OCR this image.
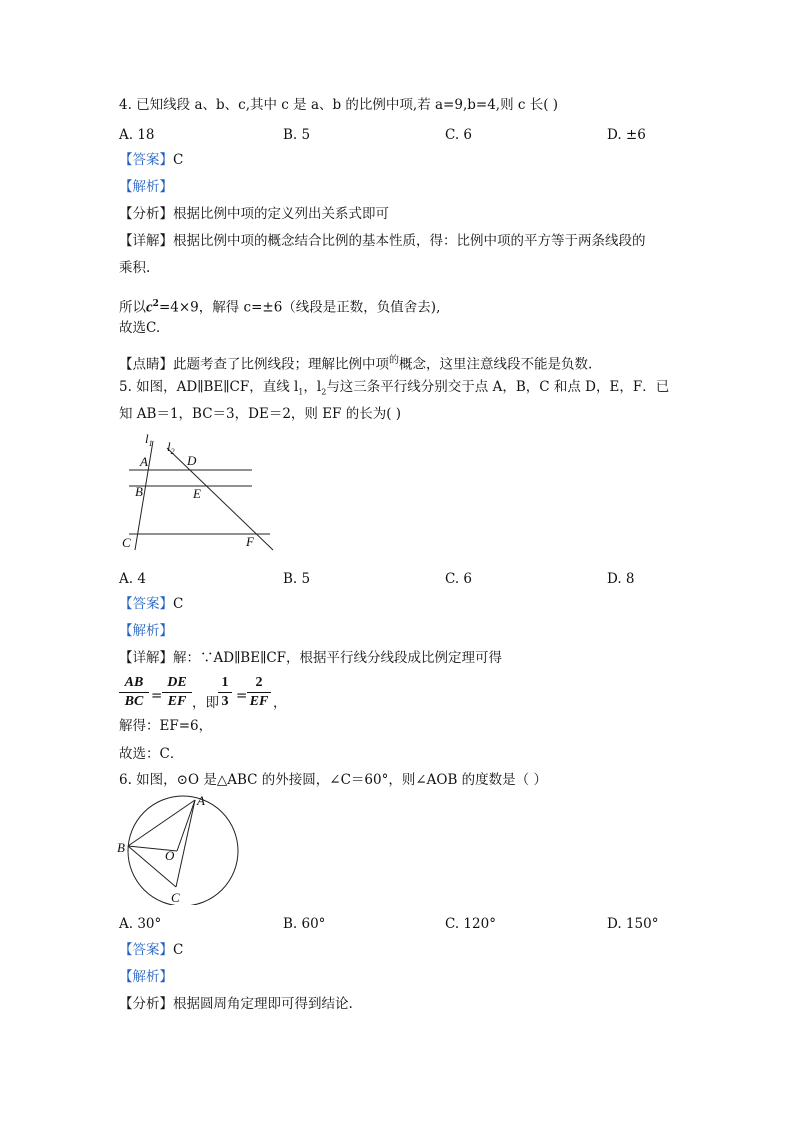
4. 已知线段 a、b、c,其中 c 是 a、b 的比例中项,若 a=9,b=4,则 c 长( )
A. 18	B. 5	C. 6	D. ±6
【答案】C
【解析】
【分析】根据比例中项的定义列出关系式即可
【详解】根据比例中项的概念结合比例的基本性质，得：比例中项的平方等于两条线段的
乘积.
所以$c^2=4\times 9$，解得 c=±6（线段是正数，负值舍去),
故选C.
【点睛】此题考查了比例线段；理解比例中项$^的$概念，这里注意线段不能是负数.
5. 如图，AD∥BE∥CF，直线 $l_1$，$l_2$与这三条平行线分别交于点 A，B，C 和点 D，E，F．已
知 AB＝1，BC＝3，DE＝2，则 EF 的长为( )
$l_1$ $l_2$
A	D
B	E
C	F
A. 4	B. 5	C. 6	D. 8
【答案】C
【解析】
【详解】解：∵AD∥BE∥CF，根据平行线分线段成比例定理可得
AB
BC =
DE
EF ，即
1
3 =
2
EF ，
解得：EF=6，
故选：C．
6. 如图，⊙O 是△ABC 的外接圆，∠C＝60°，则∠AOB 的度数是（ ）
A
B
C
O
A. 30°	B. 60°	C. 120°	D. 150°
【答案】C
【解析】
【分析】根据圆周角定理即可得到结论.
